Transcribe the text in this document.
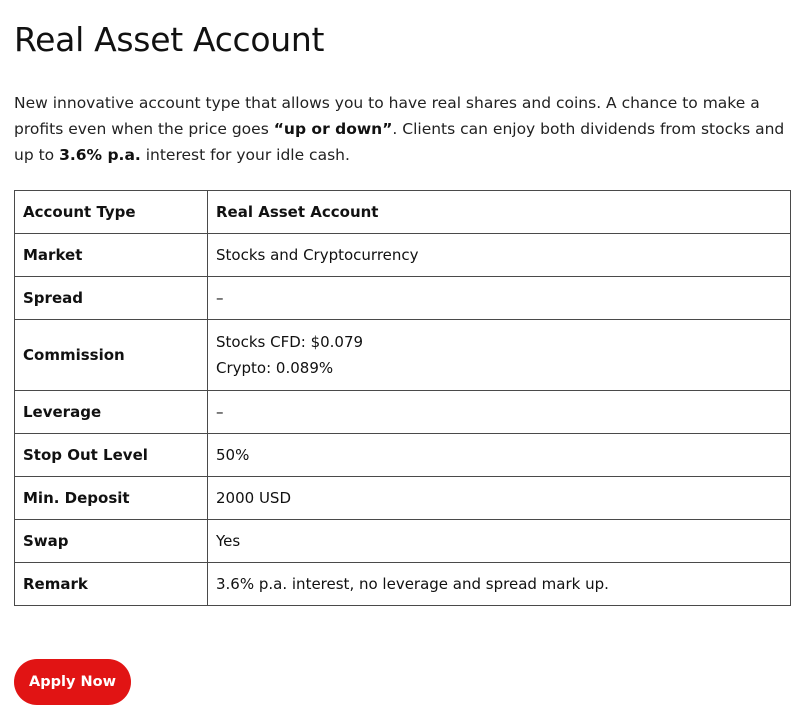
Real Asset Account

New innovative account type that allows you to have real shares and coins. A chance to make a profits even when the price goes “up or down”. Clients can enjoy both dividends from stocks and up to 3.6% p.a. interest for your idle cash.

Account Type	Real Asset Account
Market	Stocks and Cryptocurrency
Spread	–
Commission	Stocks CFD: $0.079
Crypto: 0.089%

Leverage	–
Stop Out Level	50%
Min. Deposit	2000 USD
Swap	Yes
Remark	3.6% p.a. interest, no leverage and spread mark up.
Apply Now
